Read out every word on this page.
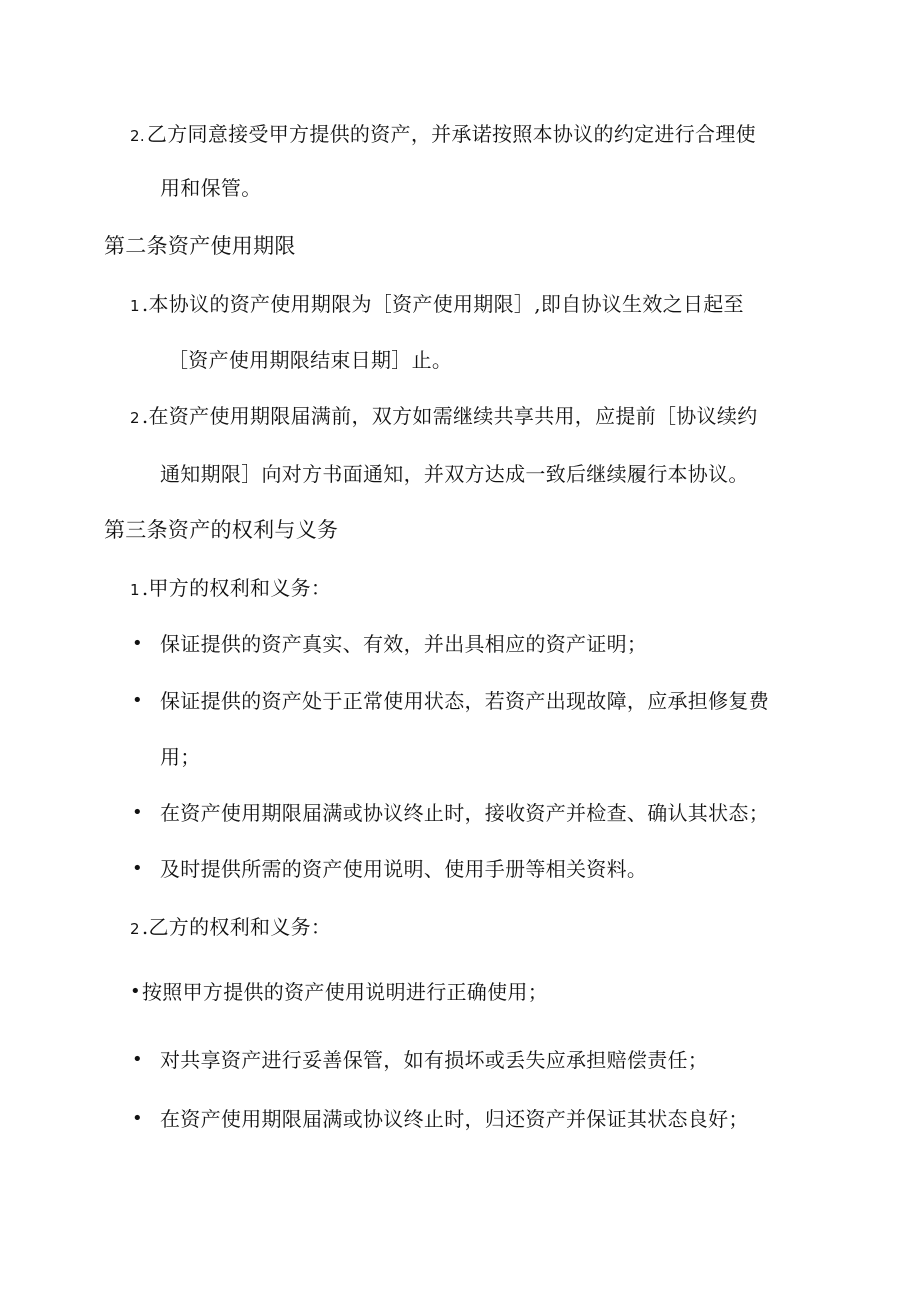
2. 乙方同意接受甲方提供的资产，并承诺按照本协议的约定进行合理使
用和保管。
第二条资产使用期限
1 .本协议的资产使用期限为［资产使用期限］,即自协议生效之日起至
［资产使用期限结束日期］止。
2 .在资产使用期限届满前，双方如需继续共享共用，应提前［协议续约
通知期限］向对方书面通知，并双方达成一致后继续履行本协议。
第三条资产的权利与义务
1 .甲方的权利和义务：
• 保证提供的资产真实、有效，并出具相应的资产证明；
• 保证提供的资产处于正常使用状态，若资产出现故障，应承担修复费
用；
• 在资产使用期限届满或协议终止时，接收资产并检查、确认其状态；
• 及时提供所需的资产使用说明、使用手册等相关资料。
2 .乙方的权利和义务：
• 按照甲方提供的资产使用说明进行正确使用；
• 对共享资产进行妥善保管，如有损坏或丢失应承担赔偿责任；
• 在资产使用期限届满或协议终止时，归还资产并保证其状态良好；
